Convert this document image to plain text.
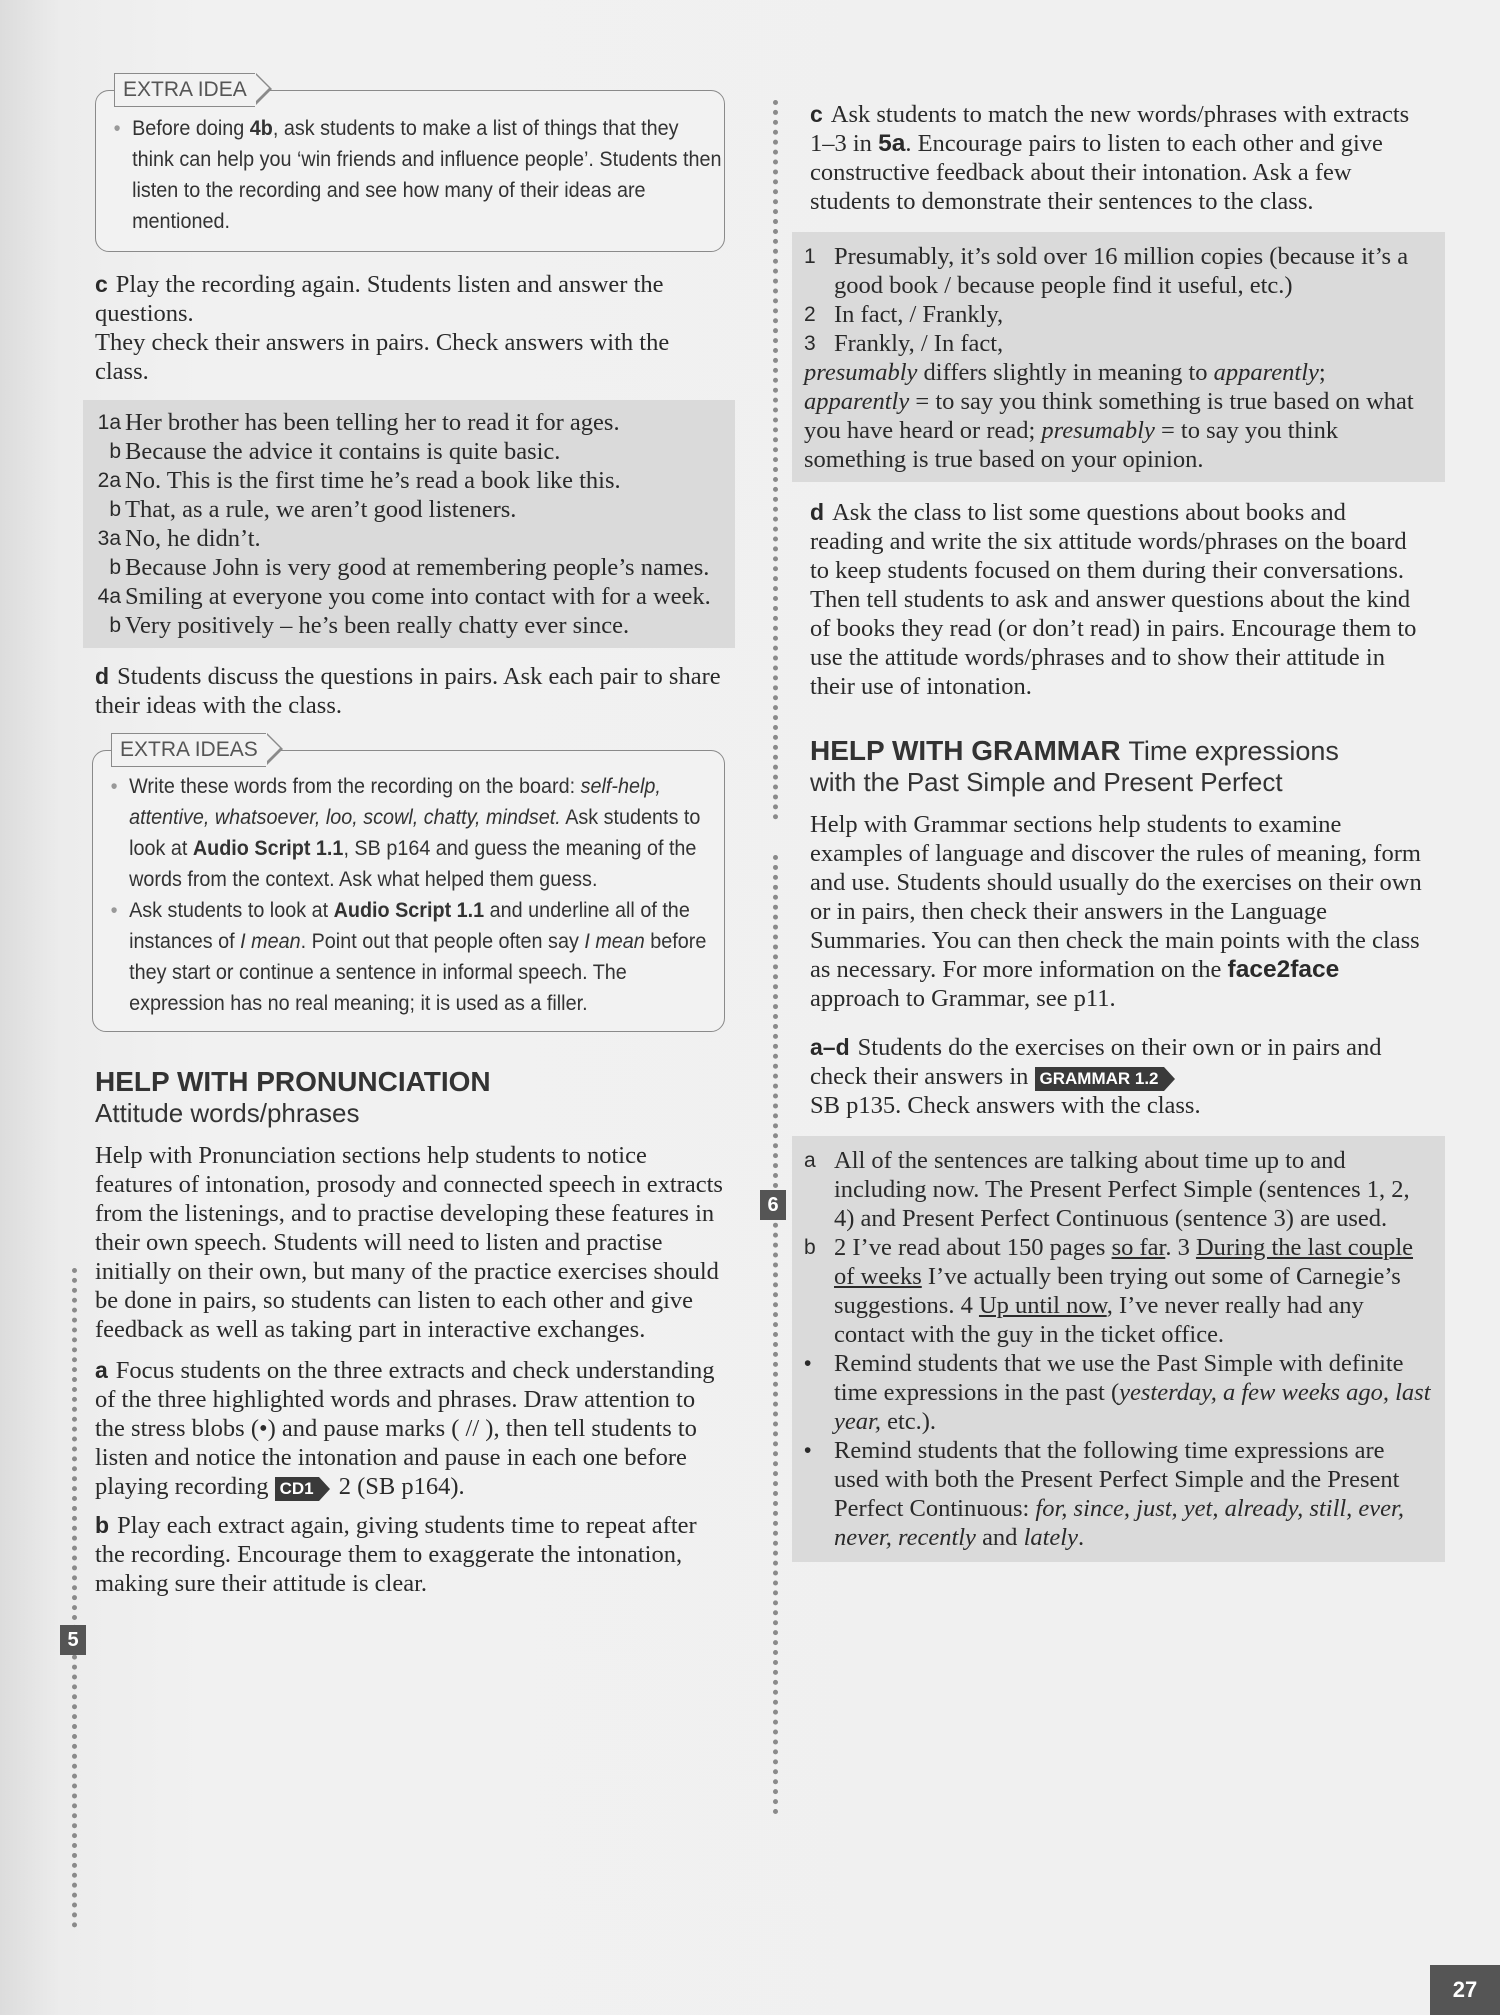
EXTRA IDEA
• Before doing 4b, ask students to make a list of things that they think can help you ‘win friends and influence people’. Students then listen to the recording and see how many of their ideas are mentioned.

c Play the recording again. Students listen and answer the questions.

They check their answers in pairs. Check answers with the class.

1a Her brother has been telling her to read it for ages.
b Because the advice it contains is quite basic.
2a No. This is the first time he’s read a book like this.
b That, as a rule, we aren’t good listeners.
3a No, he didn’t.
b Because John is very good at remembering people’s names.
4a Smiling at everyone you come into contact with for a week.
b Very positively – he’s been really chatty ever since.

d Students discuss the questions in pairs. Ask each pair to share their ideas with the class.

EXTRA IDEAS
• Write these words from the recording on the board: self-help, attentive, whatsoever, loo, scowl, chatty, mindset. Ask students to look at Audio Script 1.1, SB p164 and guess the meaning of the words from the context. Ask what helped them guess.
• Ask students to look at Audio Script 1.1 and underline all of the instances of I mean. Point out that people often say I mean before they start or continue a sentence in informal speech. The expression has no real meaning; it is used as a filler.
HELP WITH PRONUNCIATION
Attitude words/phrases

Help with Pronunciation sections help students to notice features of intonation, prosody and connected speech in extracts from the listenings, and to practise developing these features in their own speech. Students will need to listen and practise initially on their own, but many of the practice exercises should be done in pairs, so students can listen to each other and give feedback as well as taking part in interactive exchanges.

a Focus students on the three extracts and check understanding of the three highlighted words and phrases. Draw attention to the stress blobs (•) and pause marks ( // ), then tell students to listen and notice the intonation and pause in each one before playing recording CD1 2 (SB p164).

b Play each extract again, giving students time to repeat after the recording. Encourage them to exaggerate the intonation, making sure their attitude is clear.

5

c Ask students to match the new words/phrases with extracts 1–3 in 5a. Encourage pairs to listen to each other and give constructive feedback about their intonation. Ask a few students to demonstrate their sentences to the class.

1 Presumably, it’s sold over 16 million copies (because it’s a good book / because people find it useful, etc.)
2 In fact, / Frankly,
3 Frankly, / In fact,

presumably differs slightly in meaning to apparently; apparently = to say you think something is true based on what you have heard or read; presumably = to say you think something is true based on your opinion.

d Ask the class to list some questions about books and reading and write the six attitude words/phrases on the board to keep students focused on them during their conversations. Then tell students to ask and answer questions about the kind of books they read (or don’t read) in pairs. Encourage them to use the attitude words/phrases and to show their attitude in their use of intonation.

HELP WITH GRAMMAR Time expressions
with the Past Simple and Present Perfect

Help with Grammar sections help students to examine examples of language and discover the rules of meaning, form and use. Students should usually do the exercises on their own or in pairs, then check their answers in the Language Summaries. You can then check the main points with the class as necessary. For more information on the face2face approach to Grammar, see p11.

a–d Students do the exercises on their own or in pairs and check their answers in GRAMMAR 1.2
SB p135. Check answers with the class.

a All of the sentences are talking about time up to and including now. The Present Perfect Simple (sentences 1, 2, 4) and Present Perfect Continuous (sentence 3) are used.
b 2 I’ve read about 150 pages so far. 3 During the last couple of weeks I’ve actually been trying out some of Carnegie’s suggestions. 4 Up until now, I’ve never really had any contact with the guy in the ticket office.
• Remind students that we use the Past Simple with definite time expressions in the past (yesterday, a few weeks ago, last year, etc.).
• Remind students that the following time expressions are used with both the Present Perfect Simple and the Present Perfect Continuous: for, since, just, yet, already, still, ever, never, recently and lately.
6
27
